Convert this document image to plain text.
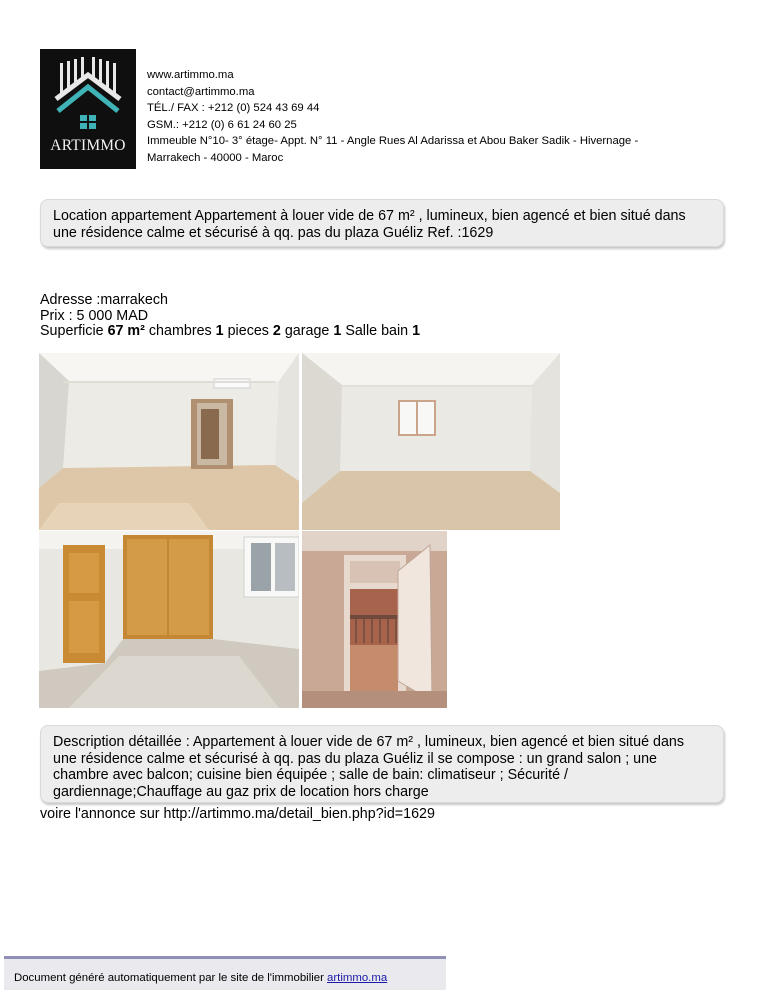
ARTIMMO
www.artimmo.ma
contact@artimmo.ma
TÉL./ FAX : +212 (0) 524 43 69 44
GSM.: +212 (0) 6 61 24 60 25
Immeuble N°10- 3° étage- Appt. N° 11 - Angle Rues Al Adarissa et Abou Baker Sadik - Hivernage -
Marrakech - 40000 - Maroc
Location appartement Appartement à louer vide de 67 m² , lumineux, bien agencé et bien situé dans une résidence calme et sécurisé à qq. pas du plaza Guéliz Ref. :1629
Adresse :marrakech
Prix : 5 000 MAD
Superficie 67 m² chambres 1 pieces 2 garage 1 Salle bain 1
Description détaillée : Appartement à louer vide de 67 m² , lumineux, bien agencé et bien situé dans une résidence calme et sécurisé à qq. pas du plaza Guéliz il se compose : un grand salon ; une chambre avec balcon; cuisine bien équipée ; salle de bain: climatiseur ; Sécurité / gardiennage;Chauffage au gaz prix de location hors charge
voire l'annonce sur http://artimmo.ma/detail_bien.php?id=1629
Document généré automatiquement par le site de l'immobilier artimmo.ma
